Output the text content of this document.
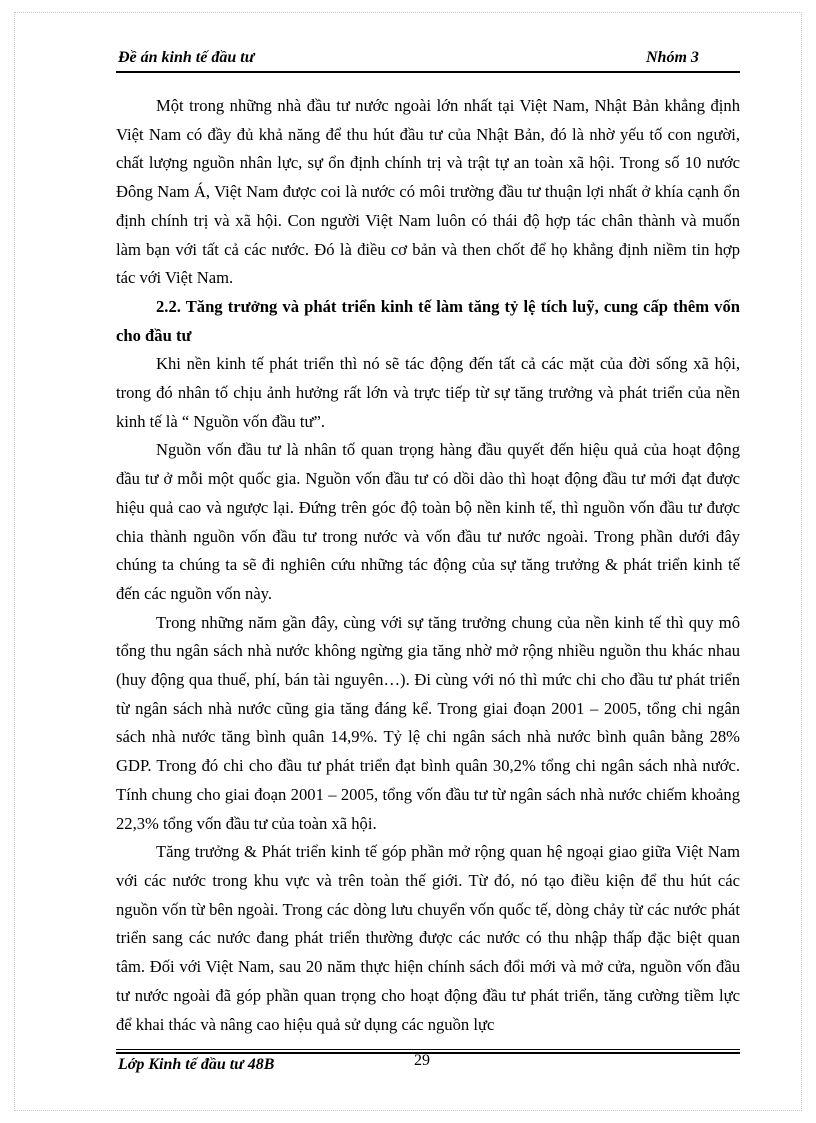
Đề án kinh tế đầu tư	Nhóm 3

Một trong những nhà đầu tư nước ngoài lớn nhất tại Việt Nam, Nhật Bản khẳng định Việt Nam có đầy đủ khả năng để thu hút đầu tư của Nhật Bản, đó là nhờ yếu tố con người, chất lượng nguồn nhân lực, sự ổn định chính trị và trật tự an toàn xã hội. Trong số 10 nước Đông Nam Á, Việt Nam được coi là nước có môi trường đầu tư thuận lợi nhất ở khía cạnh ổn định chính trị và xã hội. Con người Việt Nam luôn có thái độ hợp tác chân thành và muốn làm bạn với tất cả các nước. Đó là điều cơ bản và then chốt để họ khẳng định niềm tin hợp tác với Việt Nam.

2.2. Tăng trưởng và phát triển kinh tế làm tăng tỷ lệ tích luỹ, cung cấp thêm vốn cho đầu tư

Khi nền kinh tế phát triển thì nó sẽ tác động đến tất cả các mặt của đời sống xã hội, trong đó nhân tố chịu ảnh hưởng rất lớn và trực tiếp từ sự tăng trưởng và phát triển của nền kinh tế là “ Nguồn vốn đầu tư”.

Nguồn vốn đầu tư là nhân tố quan trọng hàng đầu quyết đến hiệu quả của hoạt động đầu tư ở mỗi một quốc gia. Nguồn vốn đầu tư có dồi dào thì hoạt động đầu tư mới đạt được hiệu quả cao và ngược lại. Đứng trên góc độ toàn bộ nền kinh tế, thì nguồn vốn đầu tư được chia thành nguồn vốn đầu tư trong nước và vốn đầu tư nước ngoài. Trong phần dưới đây chúng ta chúng ta sẽ đi nghiên cứu những tác động của sự tăng trưởng & phát triển kinh tế đến các nguồn vốn này.

Trong những năm gần đây, cùng với sự tăng trưởng chung của nền kinh tế thì quy mô tổng thu ngân sách nhà nước không ngừng gia tăng nhờ mở rộng nhiều nguồn thu khác nhau (huy động qua thuế, phí, bán tài nguyên…). Đi cùng với nó thì mức chi cho đầu tư phát triển từ ngân sách nhà nước cũng gia tăng đáng kể. Trong giai đoạn 2001 – 2005, tổng chi ngân sách nhà nước tăng bình quân 14,9%. Tỷ lệ chi ngân sách nhà nước bình quân bằng 28% GDP. Trong đó chi cho đầu tư phát triển đạt bình quân 30,2% tổng chi ngân sách nhà nước. Tính chung cho giai đoạn 2001 – 2005, tổng vốn đầu tư từ ngân sách nhà nước chiếm khoảng 22,3% tổng vốn đầu tư của toàn xã hội.

Tăng trưởng & Phát triển kinh tế góp phần mở rộng quan hệ ngoại giao giữa Việt Nam với các nước trong khu vực và trên toàn thế giới. Từ đó, nó tạo điều kiện để thu hút các nguồn vốn từ bên ngoài. Trong các dòng lưu chuyển vốn quốc tế, dòng chảy từ các nước phát triển sang các nước đang phát triển thường được các nước có thu nhập thấp đặc biệt quan tâm. Đối với Việt Nam, sau 20 năm thực hiện chính sách đổi mới và mở cửa, nguồn vốn đầu tư nước ngoài đã góp phần quan trọng cho hoạt động đầu tư phát triển, tăng cường tiềm lực để khai thác và nâng cao hiệu quả sử dụng các nguồn lực

Lớp Kinh tế đầu tư 48B	29
